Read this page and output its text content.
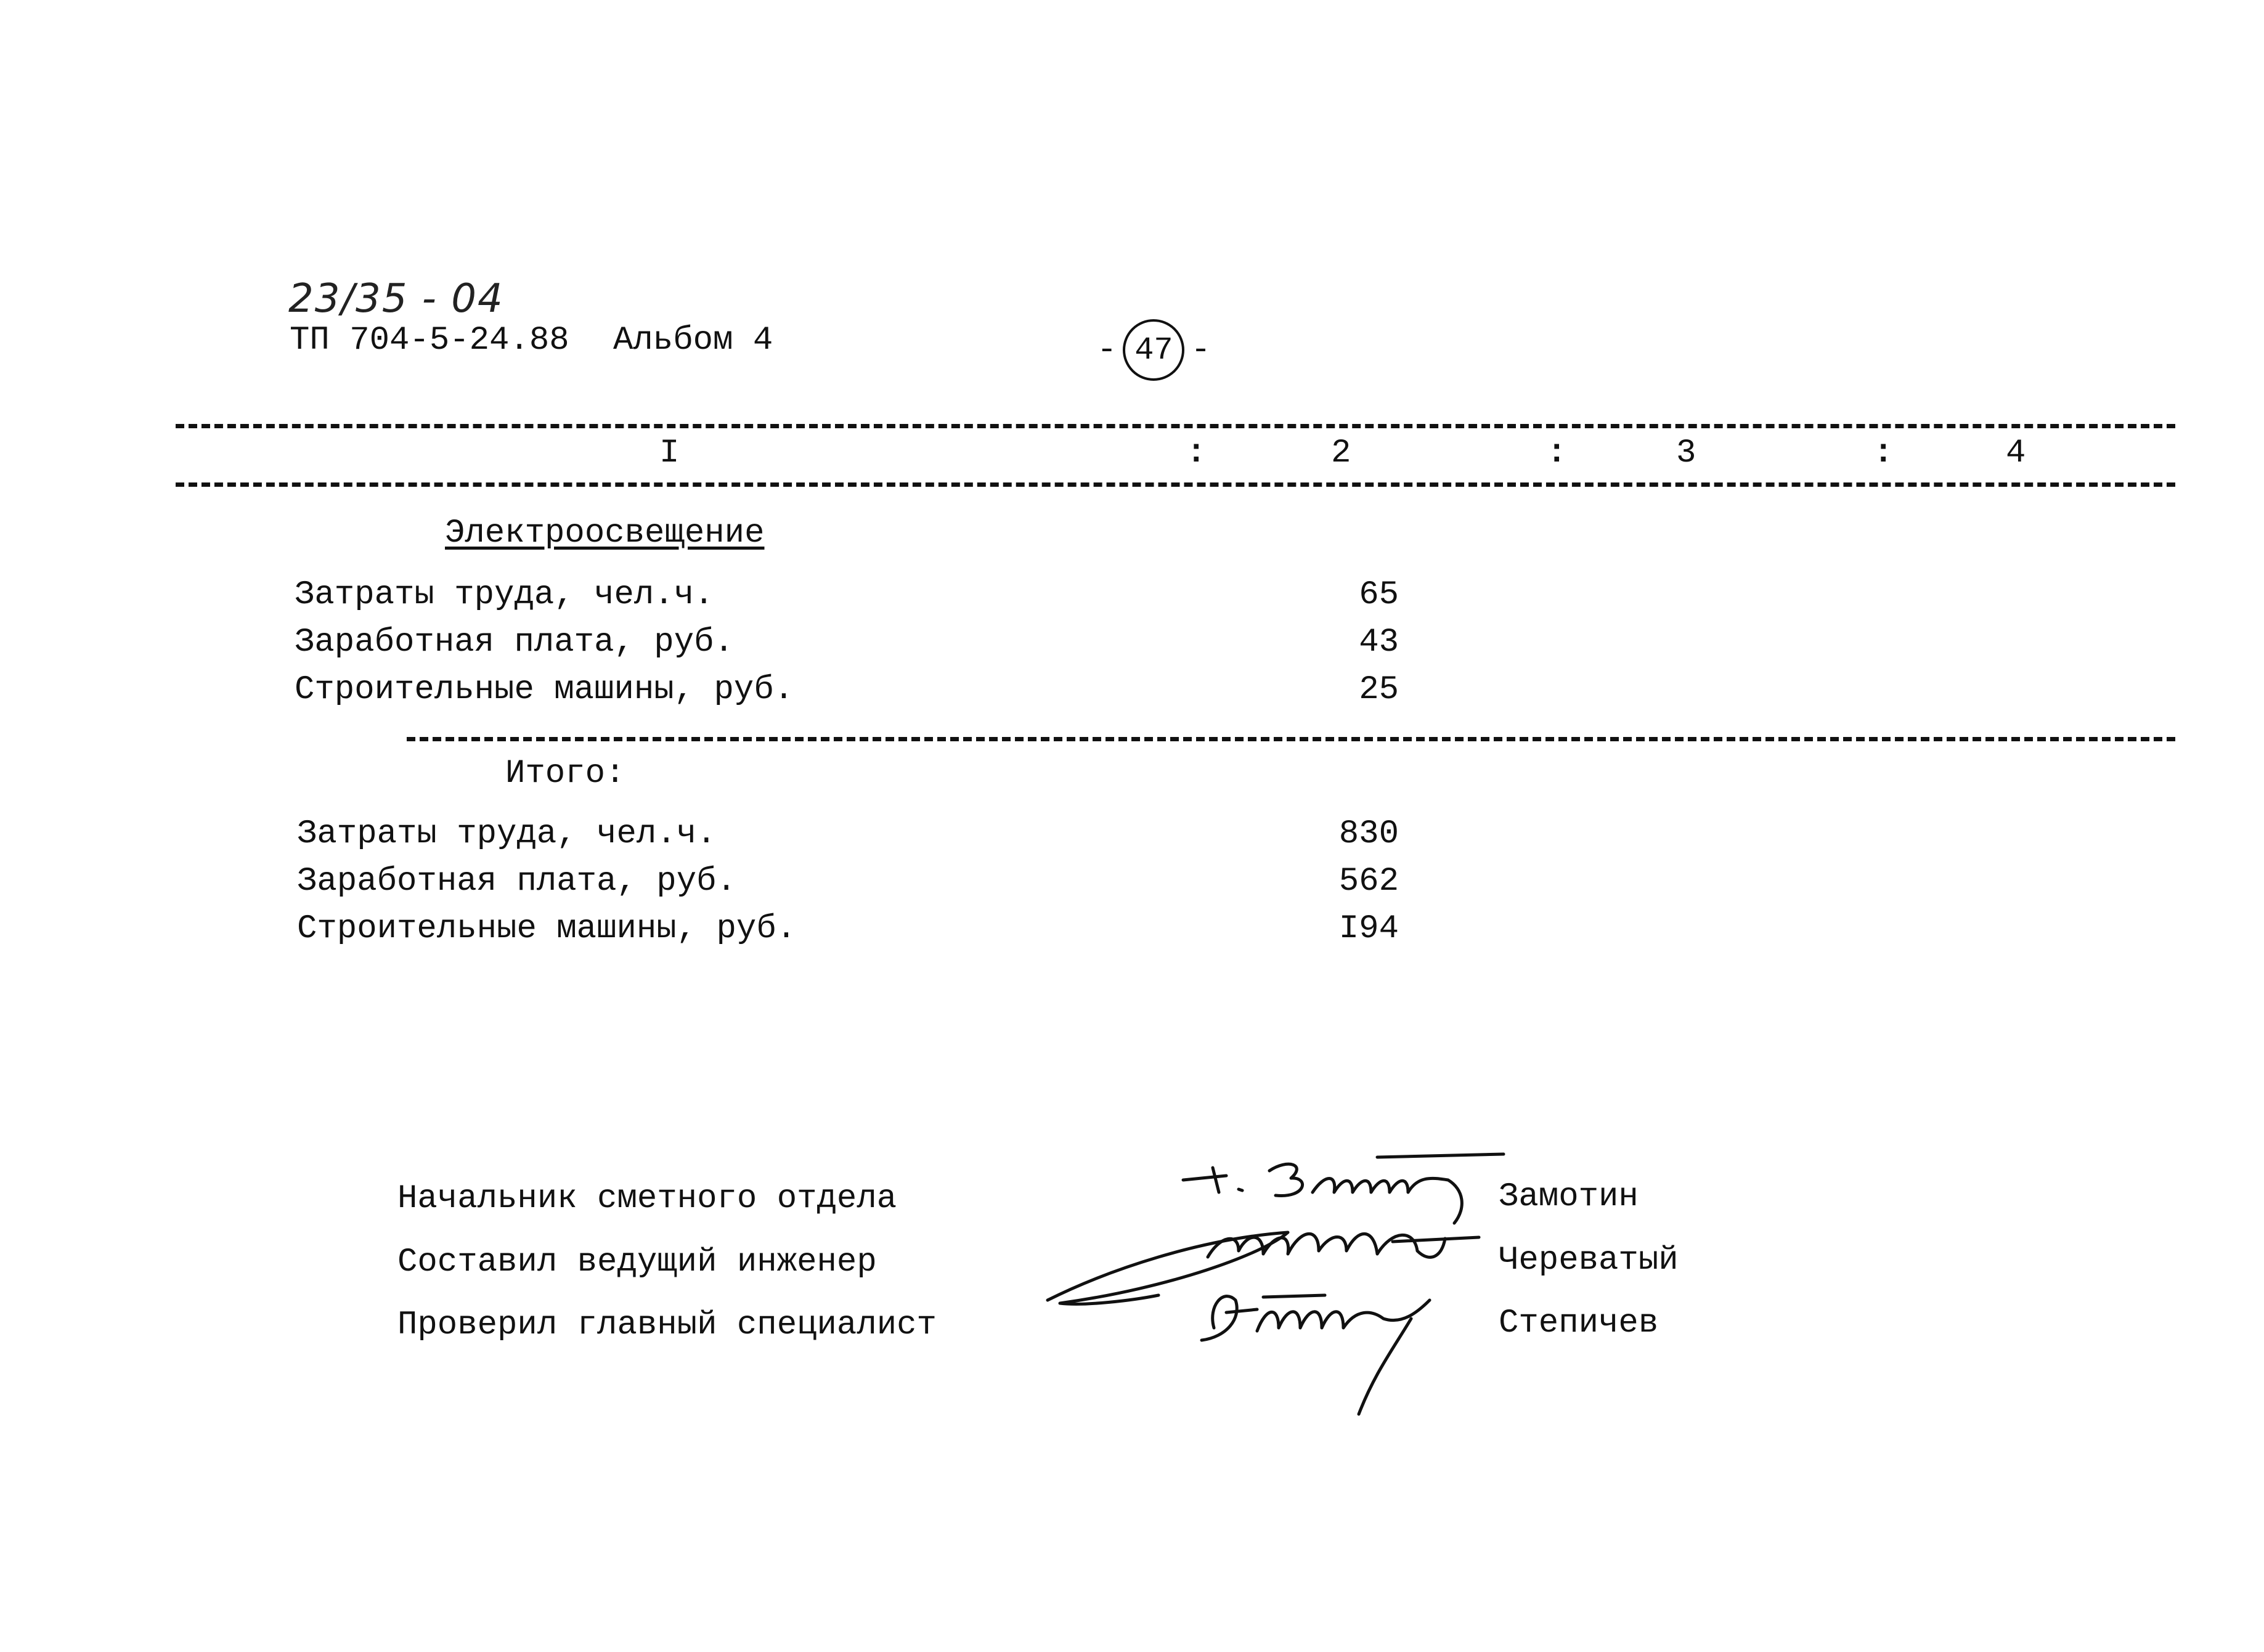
23/35 - 04
ТП 704-5-24.88 Альбом 4	- 47 -
I	:	2	:	3	:	4
Электроосвещение
Затраты труда, чел.ч.	65
Заработная плата, руб.	43
Строительные машины, руб.	25
Итого:
Затраты труда, чел.ч.	830
Заработная плата, руб.	562
Строительные машины, руб.	I94
Начальник сметного отдела	Замотин
Составил ведущий инженер	Череватый
Проверил главный специалист	Степичев
